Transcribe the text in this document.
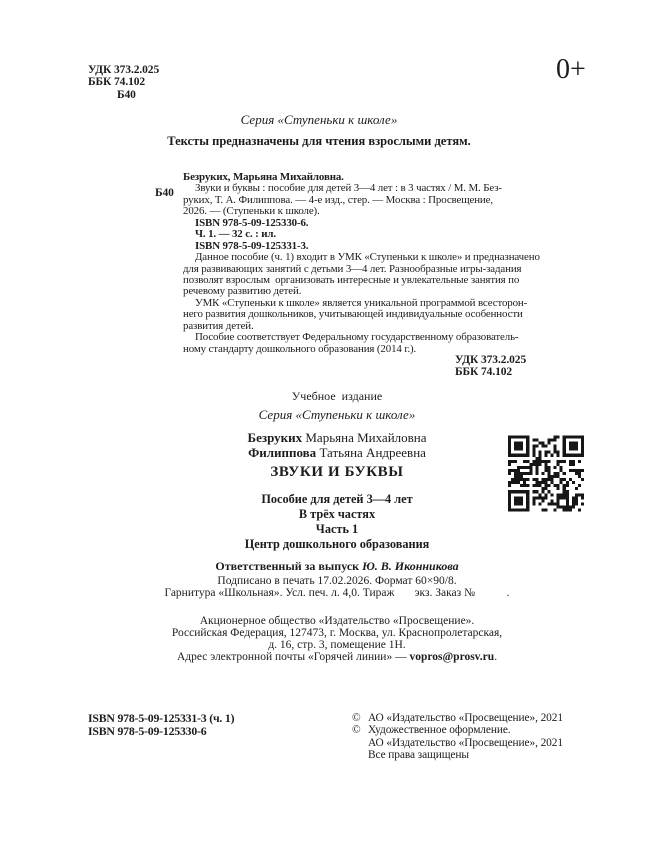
УДК 373.2.025
ББК 74.102
Б40
0+
Серия «Ступеньки к школе»
Тексты предназначены для чтения взрослыми детям.
Б40
Безруких, Марьяна Михайловна.
Звуки и буквы : пособие для детей 3—4 лет : в 3 частях / М. М. Без-
руких, Т. А. Филиппова. — 4-е изд., стер. — Москва : Просвещение,
2026. — (Ступеньки к школе).
ISBN 978-5-09-125330-6.
Ч. 1. — 32 с. : ил.
ISBN 978-5-09-125331-3.
Данное пособие (ч. 1) входит в УМК «Ступеньки к школе» и предназначено
для развивающих занятий с детьми 3—4 лет. Разнообразные игры-задания
позволят взрослым  организовать интересные и увлекательные занятия по
речевому развитию детей.
УМК «Ступеньки к школе» является уникальной программой всесторон-
него развития дошкольников, учитывающей индивидуальные особенности
развития детей.
Пособие соответствует Федеральному государственному образователь-
ному стандарту дошкольного образования (2014 г.).
УДК 373.2.025
ББК 74.102
Учебное  издание
Серия «Ступеньки к школе»
Безруких Марьяна Михайловна
Филиппова Татьяна Андреевна
ЗВУКИ И БУКВЫ
Пособие для детей 3—4 лет
В трёх частях
Часть 1
Центр дошкольного образования
Ответственный за выпуск Ю. В. Иконникова
Подписано в печать 17.02.2026. Формат 60×90/8.
Гарнитура «Школьная». Усл. печ. л. 4,0. Тираж       экз. Заказ №           .
Акционерное общество «Издательство «Просвещение».
Российская Федерация, 127473, г. Москва, ул. Краснопролетарская,
д. 16, стр. 3, помещение 1Н.
Адрес электронной почты «Горячей линии» — vopros@prosv.ru.
ISBN 978-5-09-125331-3 (ч. 1)
ISBN 978-5-09-125330-6
© АО «Издательство «Просвещение», 2021
© Художественное оформление.
АО «Издательство «Просвещение», 2021
Все права защищены
